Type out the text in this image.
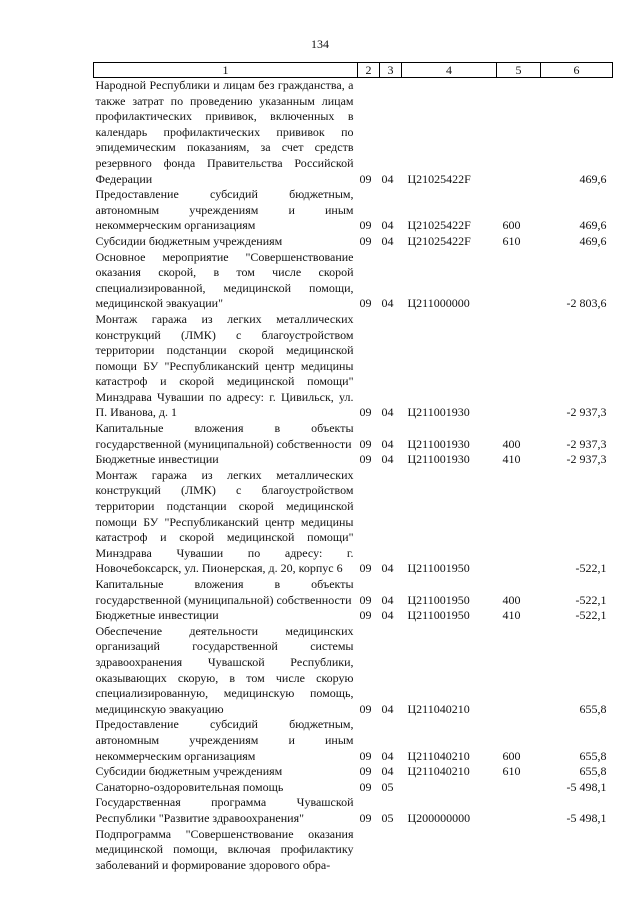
134
1	2	3	4	5	6
Народной Республики и лицам без гражданства, а также затрат по проведению указанным лицам профилактических прививок, включенных в календарь профилактических прививок по эпидемическим показаниям, за счет средств резервного фонда Правительства Российской Федерации	09	04	Ц21025422F		469,6
Предоставление субсидий бюджетным, автономным учреждениям и иным некоммерческим организациям	09	04	Ц21025422F	600	469,6
Субсидии бюджетным учреждениям	09	04	Ц21025422F	610	469,6
Основное мероприятие "Совершенствование оказания скорой, в том числе скорой специализированной, медицинской помощи, медицинской эвакуации"	09	04	Ц211000000		-2 803,6
Монтаж гаража из легких металлических конструкций (ЛМК) с благоустройством территории подстанции скорой медицинской помощи БУ "Республиканский центр медицины катастроф и скорой медицинской помощи" Минздрава Чувашии по адресу: г. Цивильск, ул. П. Иванова, д. 1	09	04	Ц211001930		-2 937,3
Капитальные вложения в объекты государственной (муниципальной) собственности	09	04	Ц211001930	400	-2 937,3
Бюджетные инвестиции	09	04	Ц211001930	410	-2 937,3
Монтаж гаража из легких металлических конструкций (ЛМК) с благоустройством территории подстанции скорой медицинской помощи БУ "Республиканский центр медицины катастроф и скорой медицинской помощи" Минздрава Чувашии по адресу: г. Новочебоксарск, ул. Пионерская, д. 20, корпус 6	09	04	Ц211001950		-522,1
Капитальные вложения в объекты государственной (муниципальной) собственности	09	04	Ц211001950	400	-522,1
Бюджетные инвестиции	09	04	Ц211001950	410	-522,1
Обеспечение деятельности медицинских организаций государственной системы здравоохранения Чувашской Республики, оказывающих скорую, в том числе скорую специализированную, медицинскую помощь, медицинскую эвакуацию	09	04	Ц211040210		655,8
Предоставление субсидий бюджетным, автономным учреждениям и иным некоммерческим организациям	09	04	Ц211040210	600	655,8
Субсидии бюджетным учреждениям	09	04	Ц211040210	610	655,8
Санаторно-оздоровительная помощь	09	05			-5 498,1
Государственная программа Чувашской Республики "Развитие здравоохранения"	09	05	Ц200000000		-5 498,1
Подпрограмма "Совершенствование оказания медицинской помощи, включая профилактику заболеваний и формирование здорового обра-					
